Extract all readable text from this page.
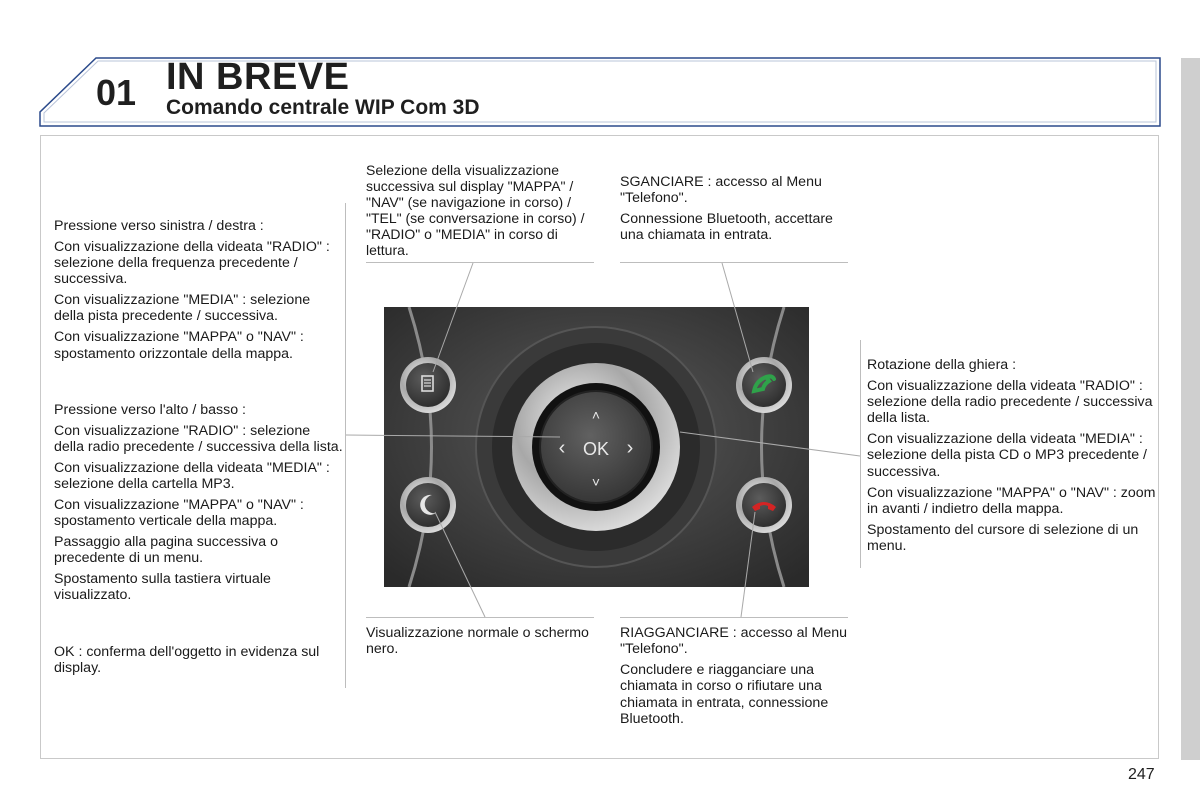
01 IN BREVE
Comando centrale WIP Com 3D

Pressione verso sinistra / destra :

Con visualizzazione della videata "RADIO" : selezione della frequenza precedente / successiva.

Con visualizzazione "MEDIA" : selezione della pista precedente / successiva.

Con visualizzazione "MAPPA" o "NAV" : spostamento orizzontale della mappa.

Pressione verso l'alto / basso :

Con visualizzazione "RADIO" : selezione della radio precedente / successiva della lista.

Con visualizzazione della videata "MEDIA" : selezione della cartella MP3.

Con visualizzazione "MAPPA" o "NAV" : spostamento verticale della mappa.

Passaggio alla pagina successiva o precedente di un menu.

Spostamento sulla tastiera virtuale visualizzato.

OK : conferma dell'oggetto in evidenza sul display.

Selezione della visualizzazione successiva sul display "MAPPA" / "NAV" (se navigazione in corso) / "TEL" (se conversazione in corso) / "RADIO" o "MEDIA" in corso di lettura.

SGANCIARE : accesso al Menu "Telefono".

Connessione Bluetooth, accettare una chiamata in entrata.

Rotazione della ghiera :

Con visualizzazione della videata "RADIO" : selezione della radio precedente / successiva della lista.

Con visualizzazione della videata "MEDIA" : selezione della pista CD o MP3 precedente / successiva.

Con visualizzazione "MAPPA" o "NAV" : zoom in avanti / indietro della mappa.

Spostamento del cursore di selezione di un menu.

Visualizzazione normale o schermo nero.

RIAGGANCIARE : accesso al Menu "Telefono".

Concludere e riagganciare una chiamata in corso o rifiutare una chiamata in entrata, connessione Bluetooth.

OK
˄
˅
‹	›
247
